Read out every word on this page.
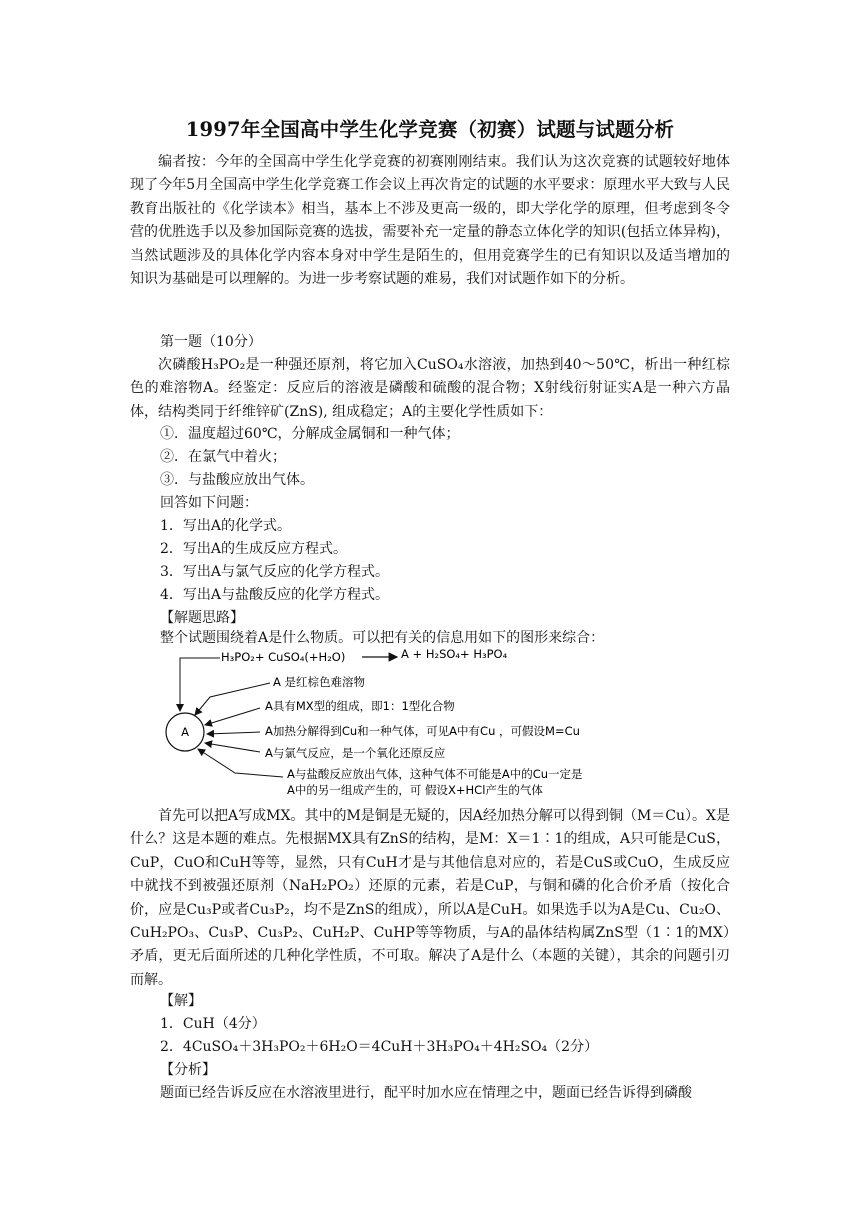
1997年全国高中学生化学竞赛（初赛）试题与试题分析

编者按：今年的全国高中学生化学竞赛的初赛刚刚结束。我们认为这次竞赛的试题较好地体现了今年5月全国高中学生化学竞赛工作会议上再次肯定的试题的水平要求：原理水平大致与人民教育出版社的《化学读本》相当，基本上不涉及更高一级的，即大学化学的原理，但考虑到冬令营的优胜选手以及参加国际竞赛的选拔，需要补充一定量的静态立体化学的知识(包括立体异构)，当然试题涉及的具体化学内容本身对中学生是陌生的，但用竞赛学生的已有知识以及适当增加的知识为基础是可以理解的。为进一步考察试题的难易，我们对试题作如下的分析。

第一题（10分）

次磷酸H₃PO₂是一种强还原剂，将它加入CuSO₄水溶液，加热到40～50℃，析出一种红棕色的难溶物A。经鉴定：反应后的溶液是磷酸和硫酸的混合物；X射线衍射证实A是一种六方晶体，结构类同于纤维锌矿(ZnS), 组成稳定；A的主要化学性质如下：

①．温度超过60℃，分解成金属铜和一种气体；

②．在氯气中着火；

③．与盐酸应放出气体。

回答如下问题：

1．写出A的化学式。

2．写出A的生成反应方程式。

3．写出A与氯气反应的化学方程式。

4．写出A与盐酸反应的化学方程式。

【解题思路】

整个试题围绕着A是什么物质。可以把有关的信息用如下的图形来综合：

A
H₃PO₂+ CuSO₄(+H₂O)	A + H₂SO₄+ H₃PO₄
A 是红棕色难溶物
A具有MX型的组成，即1：1型化合物
A加热分解得到Cu和一种气体，可见A中有Cu ，可假设M=Cu
A与氯气反应，是一个氧化还原反应
A与盐酸反应放出气体，这种气体不可能是A中的Cu一定是
A中的另一组成产生的，可 假设X+HCl产生的气体

首先可以把A写成MX。其中的M是铜是无疑的，因A经加热分解可以得到铜（M＝Cu）。X是什么？这是本题的难点。先根据MX具有ZnS的结构，是M：X＝1∶1的组成，A只可能是CuS，CuP，CuO和CuH等等，显然，只有CuH才是与其他信息对应的，若是CuS或CuO，生成反应中就找不到被强还原剂（NaH₂PO₂）还原的元素，若是CuP，与铜和磷的化合价矛盾（按化合价，应是Cu₃P或者Cu₃P₂，均不是ZnS的组成），所以A是CuH。如果选手以为A是Cu、Cu₂O、CuH₂PO₃、Cu₃P、Cu₃P₂、CuH₂P、CuHP等等物质，与A的晶体结构属ZnS型（1∶1的MX）矛盾，更无后面所述的几种化学性质，不可取。解决了A是什么（本题的关键），其余的问题引刃而解。

【解】

1．CuH（4分）

2．4CuSO₄＋3H₃PO₂＋6H₂O＝4CuH＋3H₃PO₄＋4H₂SO₄（2分）

【分析】

题面已经告诉反应在水溶液里进行，配平时加水应在情理之中，题面已经告诉得到磷酸
